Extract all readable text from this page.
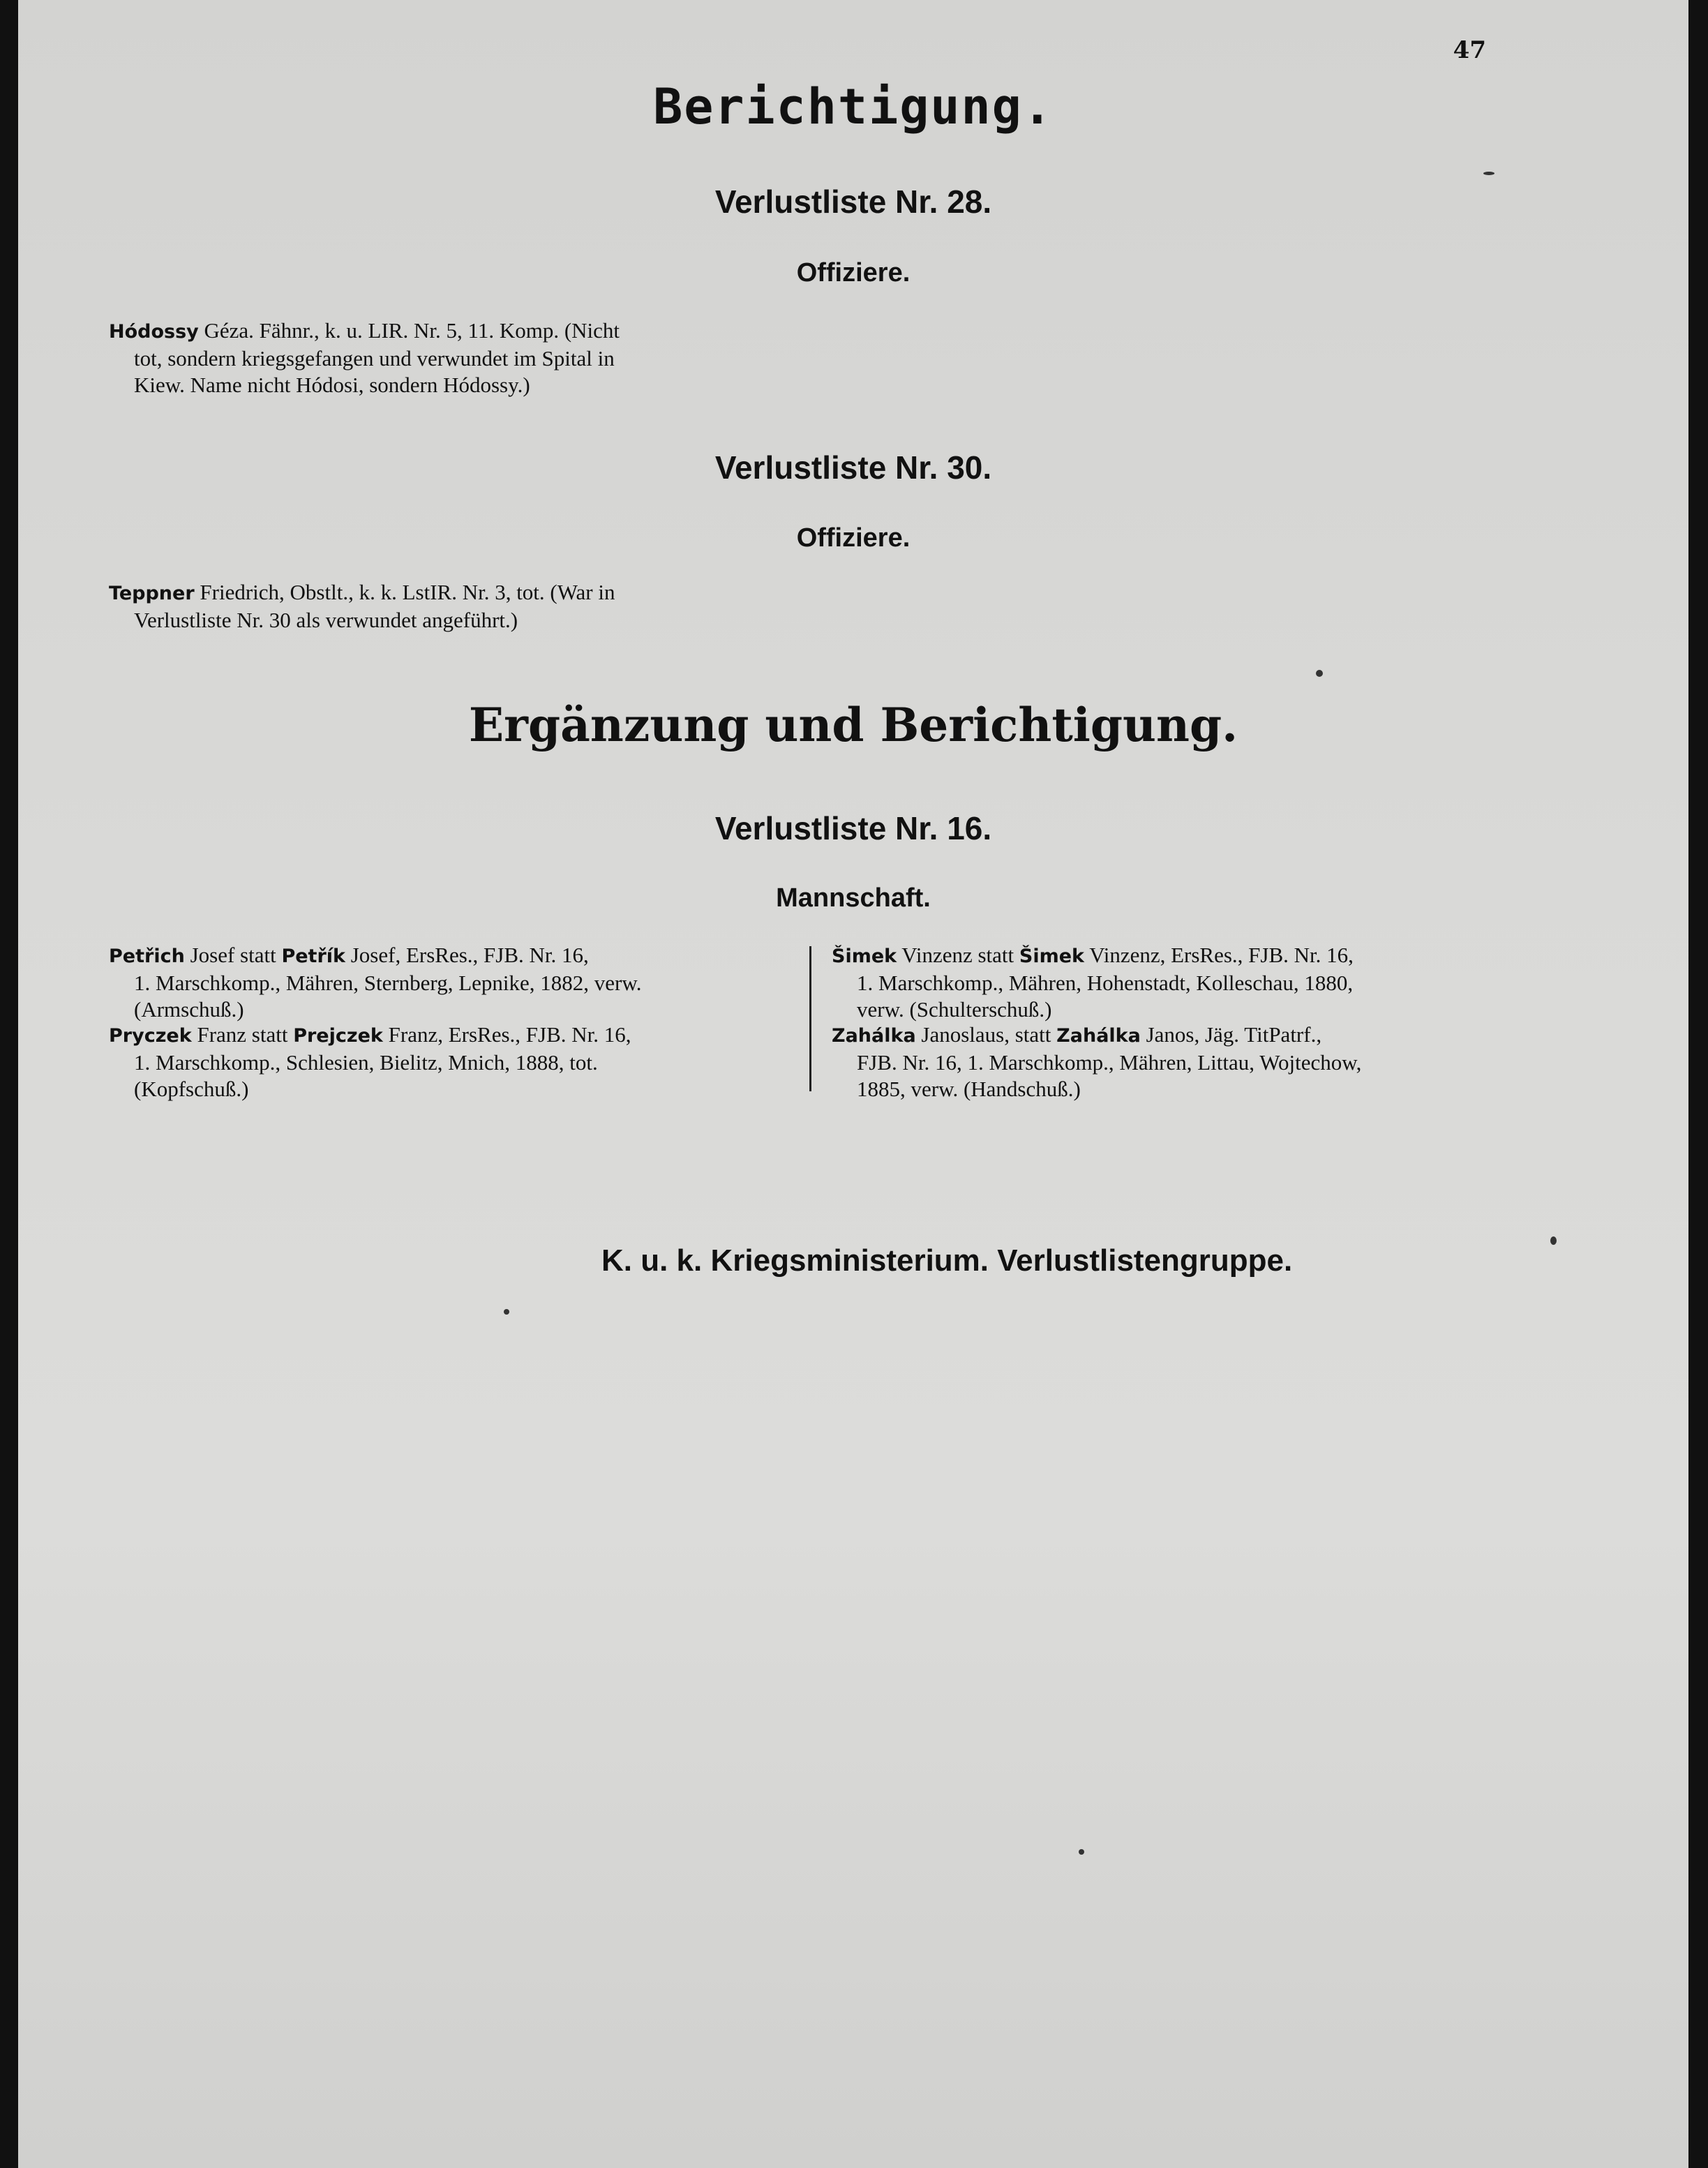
47
Berichtigung.
Verlustliste Nr. 28.
Offiziere.
Hódossy Géza. Fähnr., k. u. LIR. Nr. 5, 11. Komp. (Nicht
tot, sondern kriegsgefangen und verwundet im Spital in
Kiew. Name nicht Hódosi, sondern Hódossy.)
Verlustliste Nr. 30.
Offiziere.
Teppner Friedrich, Obstlt., k. k. LstIR. Nr. 3, tot. (War in
Verlustliste Nr. 30 als verwundet angeführt.)
Ergänzung und Berichtigung.
Verlustliste Nr. 16.
Mannschaft.
Petřich Josef statt Petřík Josef, ErsRes., FJB. Nr. 16,
1. Marschkomp., Mähren, Sternberg, Lepnike, 1882, verw.
(Armschuß.)
Pryczek Franz statt Prejczek Franz, ErsRes., FJB. Nr. 16,
1. Marschkomp., Schlesien, Bielitz, Mnich, 1888, tot.
(Kopfschuß.)
Šimek Vinzenz statt Šimek Vinzenz, ErsRes., FJB. Nr. 16,
1. Marschkomp., Mähren, Hohenstadt, Kolleschau, 1880,
verw. (Schulterschuß.)
Zahálka Janoslaus, statt Zahálka Janos, Jäg. TitPatrf.,
FJB. Nr. 16, 1. Marschkomp., Mähren, Littau, Wojtechow,
1885, verw. (Handschuß.)
K. u. k. Kriegsministerium. Verlustlistengruppe.
